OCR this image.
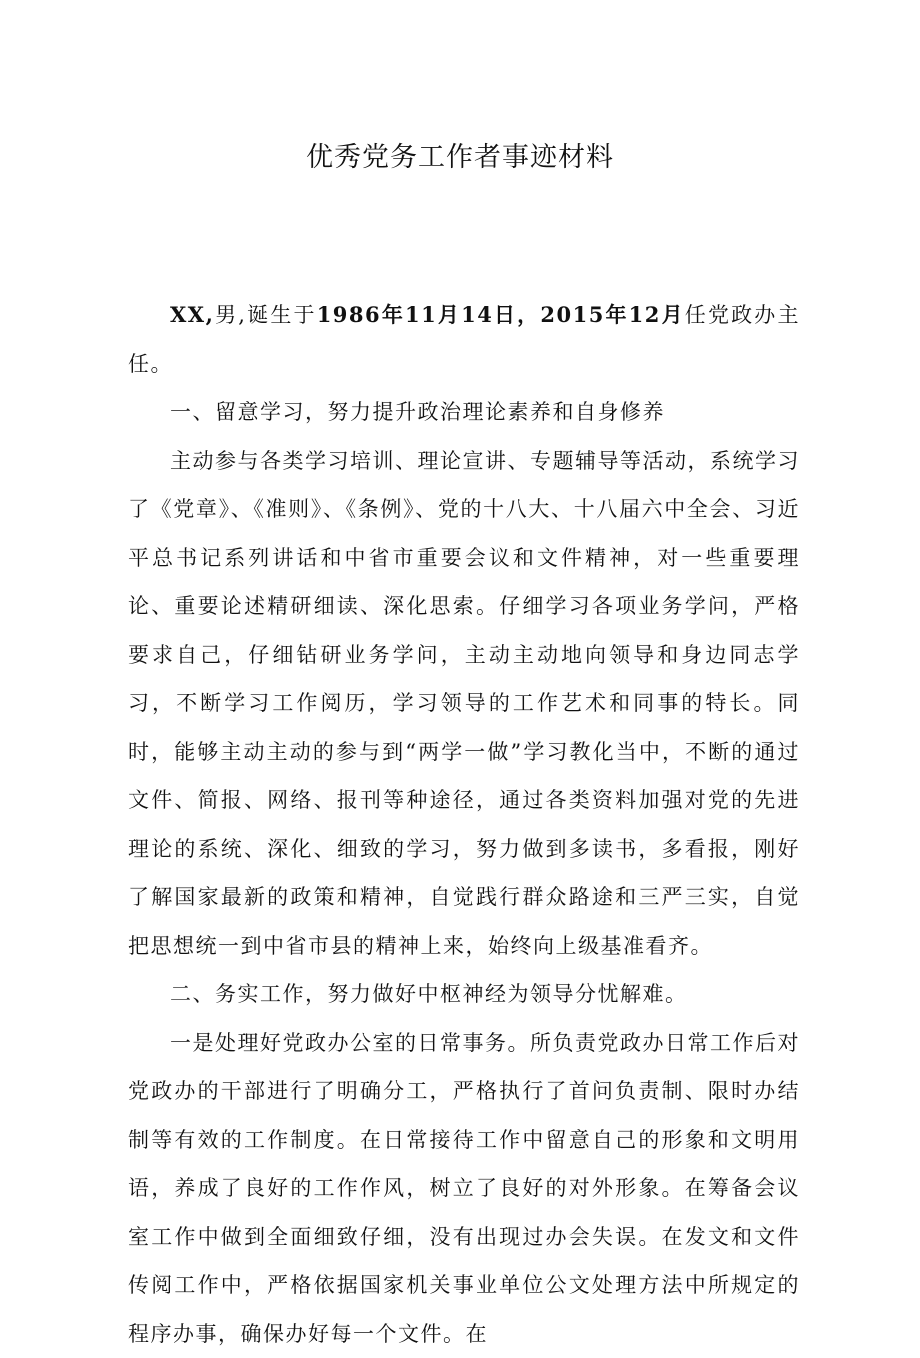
优秀党务工作者事迹材料

XX,男,诞生于1986年11月14日，2015年12月任党政办主任。

一、留意学习，努力提升政治理论素养和自身修养

主动参与各类学习培训、理论宣讲、专题辅导等活动，系统学习了《党章》、《准则》、《条例》、党的十八大、十八届六中全会、习近平总书记系列讲话和中省市重要会议和文件精神，对一些重要理论、重要论述精研细读、深化思索。仔细学习各项业务学问，严格要求自己，仔细钻研业务学问，主动主动地向领导和身边同志学习，不断学习工作阅历，学习领导的工作艺术和同事的特长。同时，能够主动主动的参与到“两学一做”学习教化当中，不断的通过文件、简报、网络、报刊等种途径，通过各类资料加强对党的先进理论的系统、深化、细致的学习，努力做到多读书，多看报，刚好了解国家最新的政策和精神，自觉践行群众路途和三严三实，自觉把思想统一到中省市县的精神上来，始终向上级基准看齐。

二、务实工作，努力做好中枢神经为领导分忧解难。

一是处理好党政办公室的日常事务。所负责党政办日常工作后对党政办的干部进行了明确分工，严格执行了首问负责制、限时办结制等有效的工作制度。在日常接待工作中留意自己的形象和文明用语，养成了良好的工作作风，树立了良好的对外形象。在筹备会议室工作中做到全面细致仔细，没有出现过办会失误。在发文和文件传阅工作中，严格依据国家机关事业单位公文处理方法中所规定的程序办事，确保办好每一个文件。在
